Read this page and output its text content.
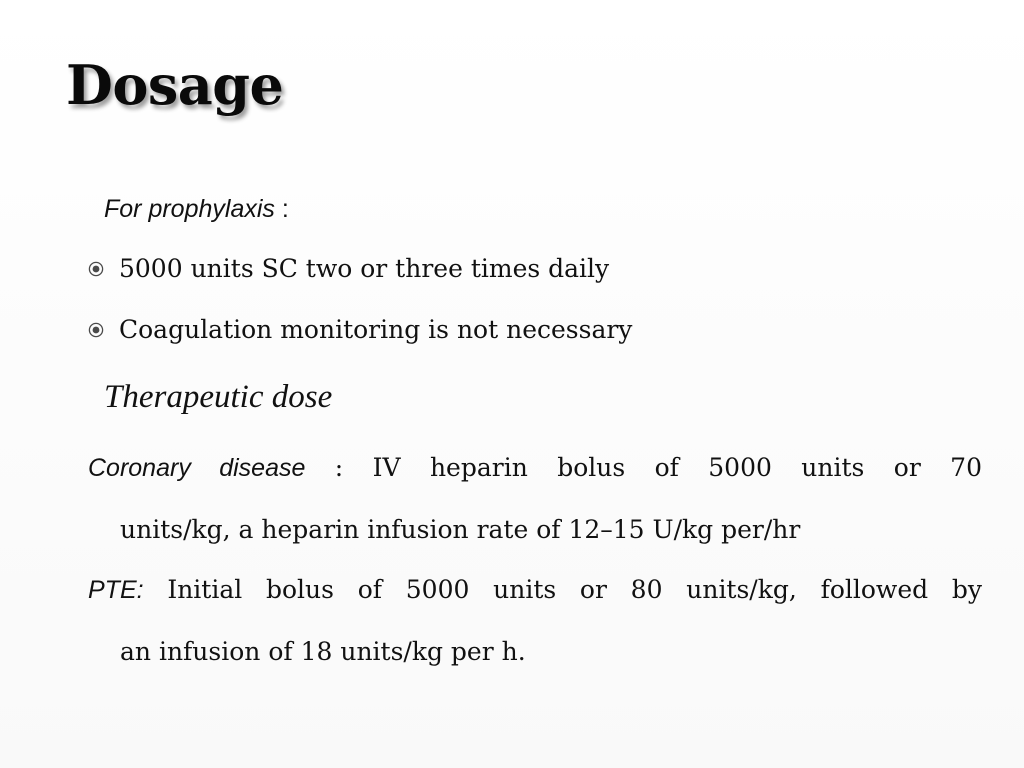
Dosage
For prophylaxis :
5000 units SC two or three times daily
Coagulation monitoring is not necessary
Therapeutic dose
Coronary disease : IV heparin bolus of 5000 units or 70
units/kg, a heparin infusion rate of 12–15 U/kg per/hr
PTE: Initial bolus of 5000 units or 80 units/kg, followed by
an infusion of 18 units/kg per h.
